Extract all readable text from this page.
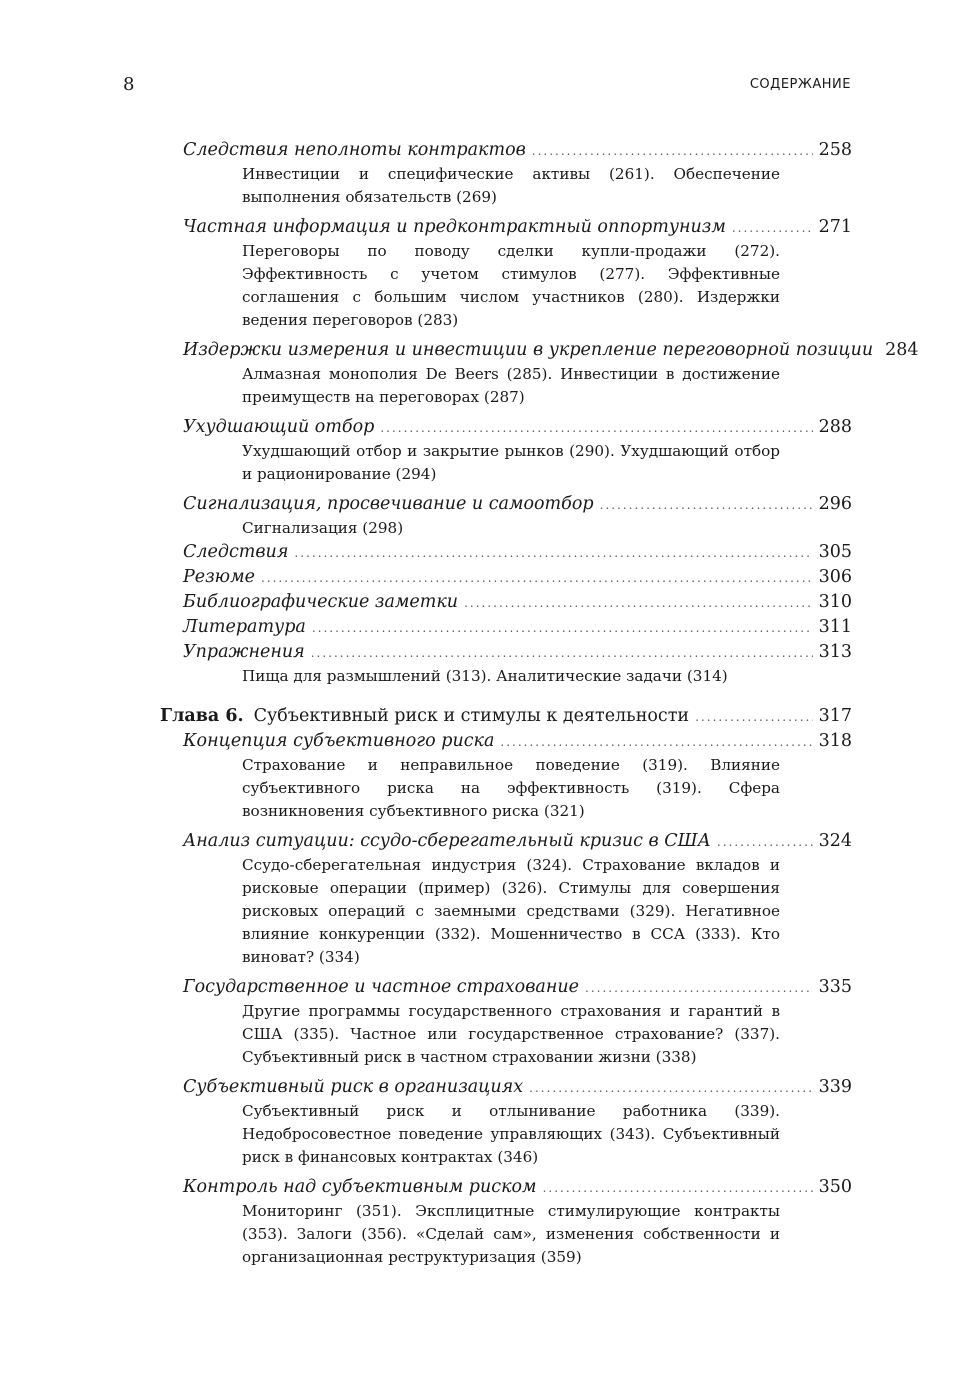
8	СОДЕРЖАНИЕ
Следствия неполноты контрактов .....	258
Инвестиции и специфические активы (261). Обеспечение выполнения обязательств (269)
Частная информация и предконтрактный оппортунизм .....	271
Переговоры по поводу сделки купли-продажи (272). Эффективность с учетом стимулов (277). Эффективные соглашения с большим числом участников (280). Издержки ведения переговоров (283)
Издержки измерения и инвестиции в укрепление переговорной позиции 284
Алмазная монополия De Beers (285). Инвестиции в достижение преимуществ на переговорах (287)
Ухудшающий отбор .....	288
Ухудшающий отбор и закрытие рынков (290). Ухудшающий отбор и рационирование (294)
Сигнализация, просвечивание и самоотбор .....	296
Сигнализация (298)
Следствия .....	305
Резюме .....	306
Библиографические заметки .....	310
Литература .....	311
Упражнения .....	313
Пища для размышлений (313). Аналитические задачи (314)
Глава 6. Субъективный риск и стимулы к деятельности .....	317
Концепция субъективного риска .....	318
Страхование и неправильное поведение (319). Влияние субъективного риска на эффективность (319). Сфера возникновения субъективного риска (321)
Анализ ситуации: ссудо-сберегательный кризис в США .....	324
Ссудо-сберегательная индустрия (324). Страхование вкладов и рисковые операции (пример) (326). Стимулы для совершения рисковых операций с заемными средствами (329). Негативное влияние конкуренции (332). Мошенничество в ССА (333). Кто виноват? (334)
Государственное и частное страхование .....	335
Другие программы государственного страхования и гарантий в США (335). Частное или государственное страхование? (337). Субъективный риск в частном страховании жизни (338)
Субъективный риск в организациях .....	339
Субъективный риск и отлынивание работника (339). Недобросовестное поведение управляющих (343). Субъективный риск в финансовых контрактах (346)
Контроль над субъективным риском .....	350
Мониторинг (351). Эксплицитные стимулирующие контракты (353). Залоги (356). «Сделай сам», изменения собственности и организационная реструктуризация (359)
